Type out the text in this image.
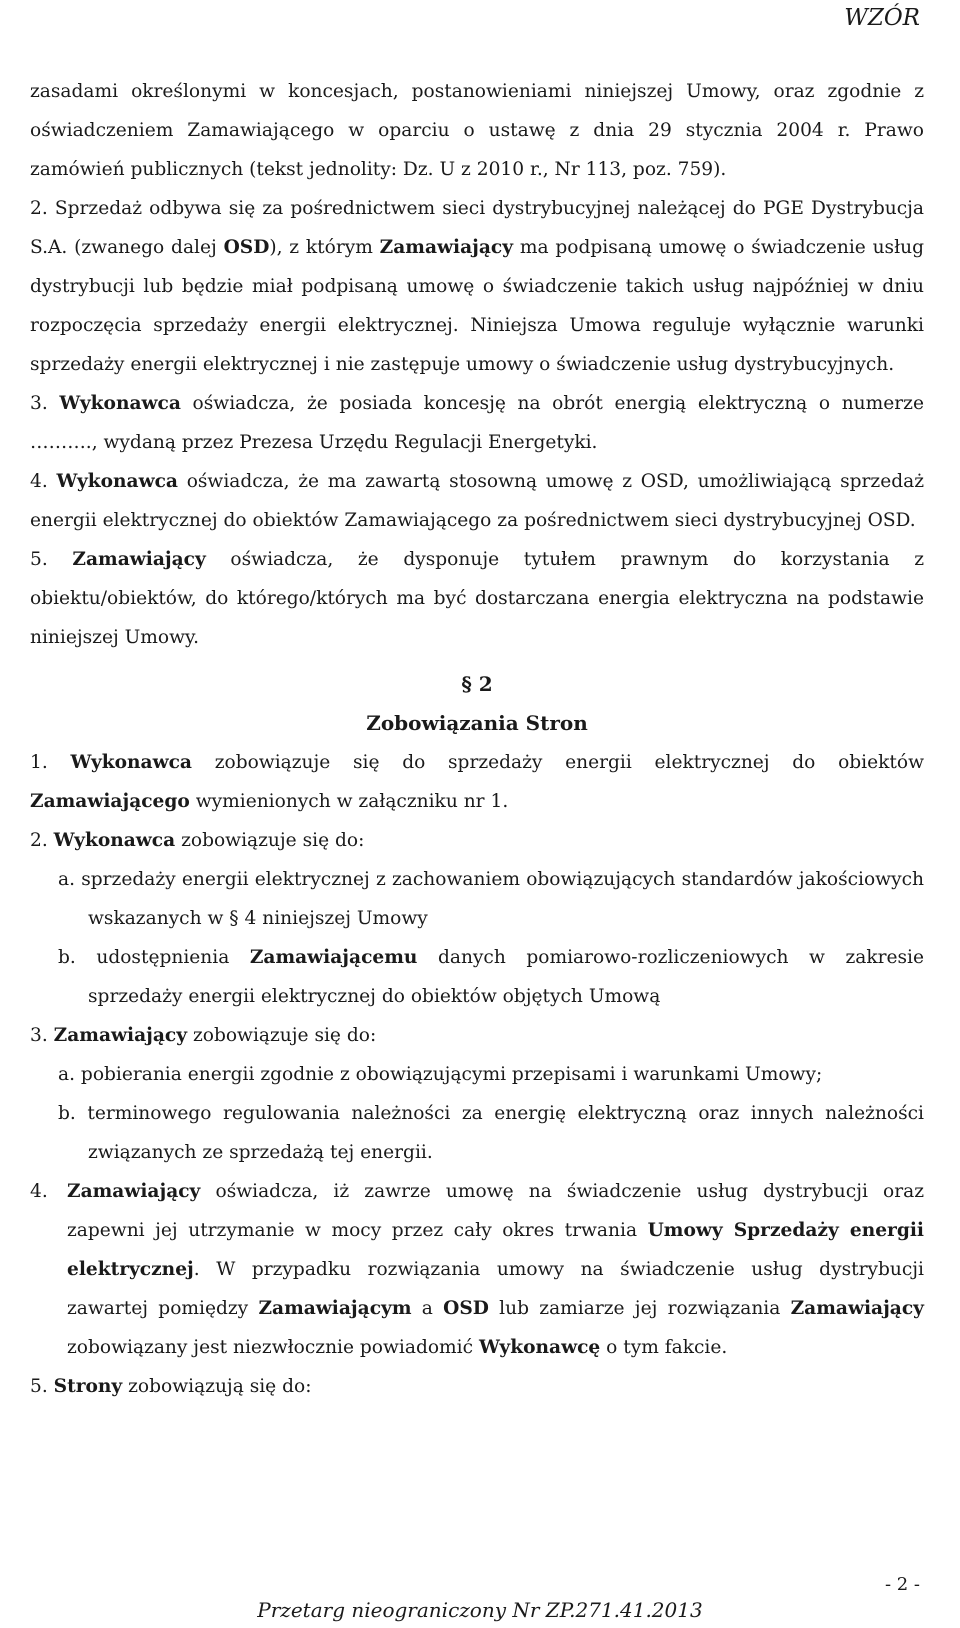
WZÓR

zasadami określonymi w koncesjach, postanowieniami niniejszej Umowy, oraz zgodnie z oświadczeniem Zamawiającego w oparciu o ustawę z dnia 29 stycznia 2004 r. Prawo zamówień publicznych (tekst jednolity: Dz. U z 2010 r., Nr 113, poz. 759).

2. Sprzedaż odbywa się za pośrednictwem sieci dystrybucyjnej należącej do PGE Dystrybucja S.A. (zwanego dalej OSD), z którym Zamawiający ma podpisaną umowę o świadczenie usług dystrybucji lub będzie miał podpisaną umowę o świadczenie takich usług najpóźniej w dniu rozpoczęcia sprzedaży energii elektrycznej. Niniejsza Umowa reguluje wyłącznie warunki sprzedaży energii elektrycznej i nie zastępuje umowy o świadczenie usług dystrybucyjnych.

3. Wykonawca oświadcza, że posiada koncesję na obrót energią elektryczną o numerze ………., wydaną przez Prezesa Urzędu Regulacji Energetyki.

4. Wykonawca oświadcza, że ma zawartą stosowną umowę z OSD, umożliwiającą sprzedaż energii elektrycznej do obiektów Zamawiającego za pośrednictwem sieci dystrybucyjnej OSD.

5. Zamawiający oświadcza, że dysponuje tytułem prawnym do korzystania z obiektu/obiektów, do którego/których ma być dostarczana energia elektryczna na podstawie niniejszej Umowy.

§ 2

Zobowiązania Stron

1. Wykonawca zobowiązuje się do sprzedaży energii elektrycznej do obiektów Zamawiającego wymienionych w załączniku nr 1.

2. Wykonawca zobowiązuje się do:

a. sprzedaży energii elektrycznej z zachowaniem obowiązujących standardów jakościowych wskazanych w § 4 niniejszej Umowy

b. udostępnienia Zamawiającemu danych pomiarowo-rozliczeniowych w zakresie sprzedaży energii elektrycznej do obiektów objętych Umową

3. Zamawiający zobowiązuje się do:

a. pobierania energii zgodnie z obowiązującymi przepisami i warunkami Umowy;

b. terminowego regulowania należności za energię elektryczną oraz innych należności związanych ze sprzedażą tej energii.

4. Zamawiający oświadcza, iż zawrze umowę na świadczenie usług dystrybucji oraz zapewni jej utrzymanie w mocy przez cały okres trwania Umowy Sprzedaży energii elektrycznej. W przypadku rozwiązania umowy na świadczenie usług dystrybucji zawartej pomiędzy Zamawiającym a OSD lub zamiarze jej rozwiązania Zamawiający zobowiązany jest niezwłocznie powiadomić Wykonawcę o tym fakcie.

5. Strony zobowiązują się do:

- 2 -
Przetarg nieograniczony Nr ZP.271.41.2013
